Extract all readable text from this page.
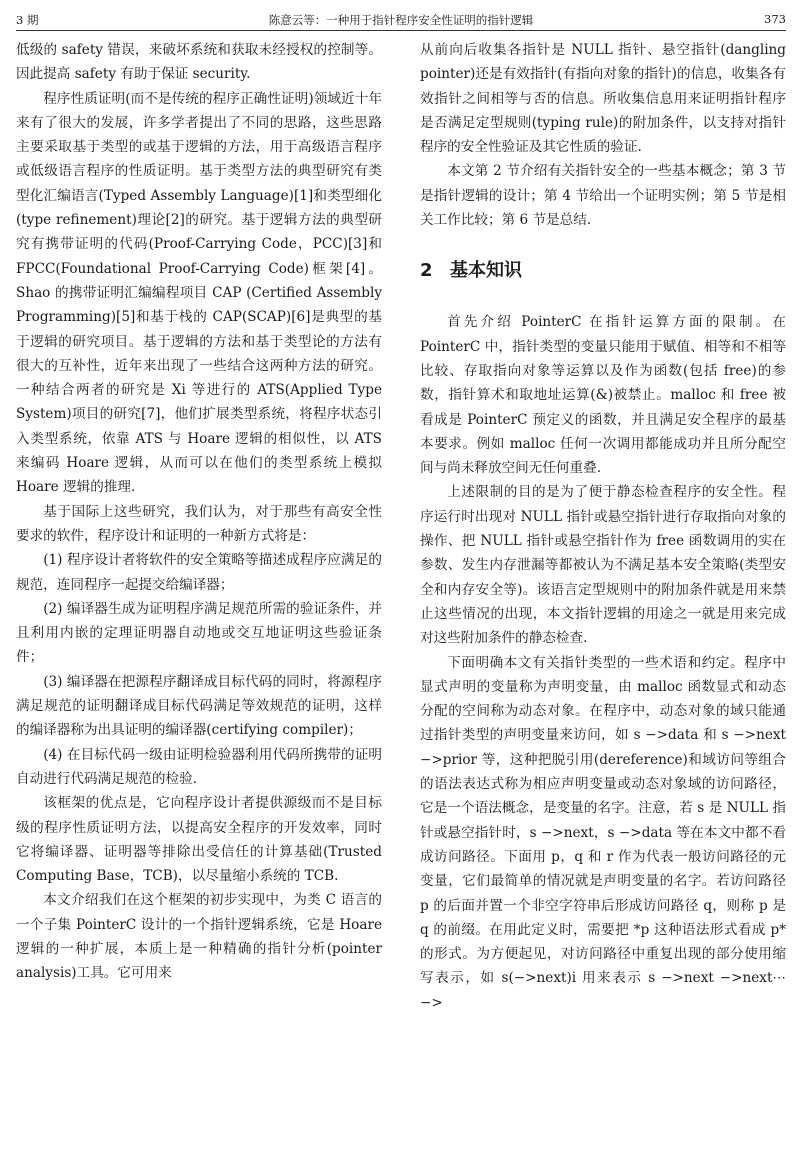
3 期	陈意云等：一种用于指针程序安全性证明的指针逻辑	373

低级的 safety 错误，来破坏系统和获取未经授权的控制等。因此提高 safety 有助于保证 security.

程序性质证明(而不是传统的程序正确性证明)领域近十年来有了很大的发展，许多学者提出了不同的思路，这些思路主要采取基于类型的或基于逻辑的方法，用于高级语言程序或低级语言程序的性质证明。基于类型方法的典型研究有类型化汇编语言(Typed Assembly Language)[1]和类型细化(type refinement)理论[2]的研究。基于逻辑方法的典型研究有携带证明的代码(Proof-Carrying Code，PCC)[3]和 FPCC(Foundational Proof-Carrying Code)框架[4]。Shao 的携带证明汇编编程项目 CAP (Certified Assembly Programming)[5]和基于栈的 CAP(SCAP)[6]是典型的基于逻辑的研究项目。基于逻辑的方法和基于类型论的方法有很大的互补性，近年来出现了一些结合这两种方法的研究。一种结合两者的研究是 Xi 等进行的 ATS(Applied Type System)项目的研究[7]，他们扩展类型系统，将程序状态引入类型系统，依靠 ATS 与 Hoare 逻辑的相似性，以 ATS 来编码 Hoare 逻辑，从而可以在他们的类型系统上模拟 Hoare 逻辑的推理.

基于国际上这些研究，我们认为，对于那些有高安全性要求的软件，程序设计和证明的一种新方式将是：

(1) 程序设计者将软件的安全策略等描述成程序应满足的规范，连同程序一起提交给编译器；

(2) 编译器生成为证明程序满足规范所需的验证条件，并且利用内嵌的定理证明器自动地或交互地证明这些验证条件；

(3) 编译器在把源程序翻译成目标代码的同时，将源程序满足规范的证明翻译成目标代码满足等效规范的证明，这样的编译器称为出具证明的编译器(certifying compiler)；

(4) 在目标代码一级由证明检验器利用代码所携带的证明自动进行代码满足规范的检验.

该框架的优点是，它向程序设计者提供源级而不是目标级的程序性质证明方法，以提高安全程序的开发效率，同时它将编译器、证明器等排除出受信任的计算基础(Trusted Computing Base，TCB)，以尽量缩小系统的 TCB.

本文介绍我们在这个框架的初步实现中，为类 C 语言的一个子集 PointerC 设计的一个指针逻辑系统，它是 Hoare 逻辑的一种扩展，本质上是一种精确的指针分析(pointer analysis)工具。它可用来

从前向后收集各指针是 NULL 指针、悬空指针(dangling pointer)还是有效指针(有指向对象的指针)的信息，收集各有效指针之间相等与否的信息。所收集信息用来证明指针程序是否满足定型规则(typing rule)的附加条件，以支持对指针程序的安全性验证及其它性质的验证.

本文第 2 节介绍有关指针安全的一些基本概念；第 3 节是指针逻辑的设计；第 4 节给出一个证明实例；第 5 节是相关工作比较；第 6 节是总结.

2 基本知识

首先介绍 PointerC 在指针运算方面的限制。在 PointerC 中，指针类型的变量只能用于赋值、相等和不相等比较、存取指向对象等运算以及作为函数(包括 free)的参数，指针算术和取地址运算(&)被禁止。malloc 和 free 被看成是 PointerC 预定义的函数，并且满足安全程序的最基本要求。例如 malloc 任何一次调用都能成功并且所分配空间与尚未释放空间无任何重叠.

上述限制的目的是为了便于静态检查程序的安全性。程序运行时出现对 NULL 指针或悬空指针进行存取指向对象的操作、把 NULL 指针或悬空指针作为 free 函数调用的实在参数、发生内存泄漏等都被认为不满足基本安全策略(类型安全和内存安全等)。该语言定型规则中的附加条件就是用来禁止这些情况的出现，本文指针逻辑的用途之一就是用来完成对这些附加条件的静态检查.

下面明确本文有关指针类型的一些术语和约定。程序中显式声明的变量称为声明变量，由 malloc 函数显式和动态分配的空间称为动态对象。在程序中，动态对象的域只能通过指针类型的声明变量来访问，如 s −>data 和 s −>next −>prior 等，这种把脱引用(dereference)和域访问等组合的语法表达式称为相应声明变量或动态对象域的访问路径，它是一个语法概念，是变量的名字。注意，若 s 是 NULL 指针或悬空指针时，s −>next，s −>data 等在本文中都不看成访问路径。下面用 p，q 和 r 作为代表一般访问路径的元变量，它们最简单的情况就是声明变量的名字。若访问路径 p 的后面并置一个非空字符串后形成访问路径 q，则称 p 是 q 的前缀。在用此定义时，需要把 *p 这种语法形式看成 p* 的形式。为方便起见，对访问路径中重复出现的部分使用缩写表示，如 s(−>next)i 用来表示 s −>next −>next⋯−>
